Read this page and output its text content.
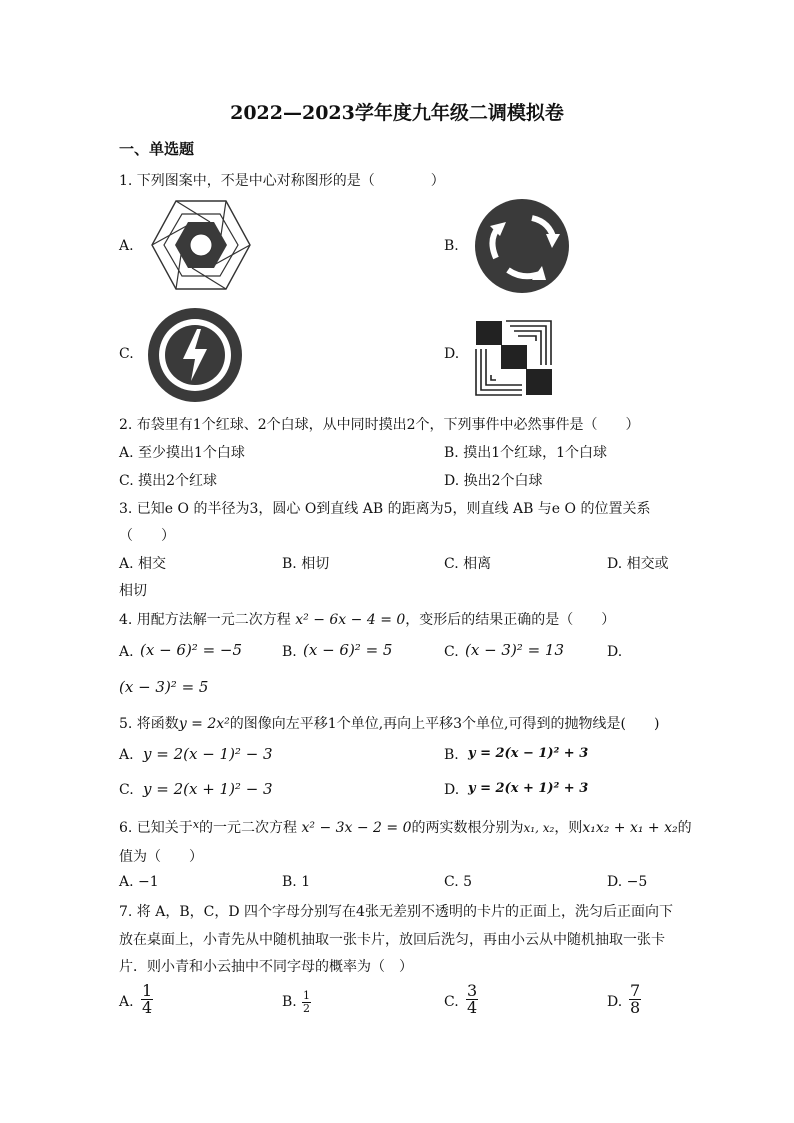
2022—2023学年度九年级二调模拟卷
一、单选题
1. 下列图案中，不是中心对称图形的是（　　　　）
A.	B.
C.	D.
2. 布袋里有1个红球、2个白球，从中同时摸出2个，下列事件中必然事件是（　　）
A. 至少摸出1个白球	B. 摸出1个红球，1个白球
C. 摸出2个红球	D. 换出2个白球
3. 已知e O 的半径为3，圆心 O到直线 AB 的距离为5，则直线 AB 与e O 的位置关系
（　　）
A. 相交	B. 相切	C. 相离	D. 相交或
相切
4. 用配方法解一元二次方程 x² − 6x − 4 = 0，变形后的结果正确的是（　　）
A. (x − 6)² = −5	B. (x − 6)² = 5	C. (x − 3)² = 13	D.
(x − 3)² = 5
5. 将函数y = 2x²的图像向左平移1个单位,再向上平移3个单位,可得到的抛物线是(　　)
A. y = 2(x − 1)² − 3	B. y = 2(x − 1)² + 3
C. y = 2(x + 1)² − 3	D. y = 2(x + 1)² + 3
6. 已知关于$^x$的一元二次方程 x² − 3x − 2 = 0的两实数根分别为x₁, x₂，则x₁x₂ + x₁ + x₂的
值为（　　）
A. −1	B. 1	C. 5	D. −5
7. 将 A，B，C，D 四个字母分别写在4张无差别不透明的卡片的正面上，洗匀后正面向下
放在桌面上，小青先从中随机抽取一张卡片，放回后洗匀，再由小云从中随机抽取一张卡
片．则小青和小云抽中不同字母的概率为（　）
A. $\frac{1}{4}$	B. $\frac{1}{2}$	C. $\frac{3}{4}$	D. $\frac{7}{8}$
